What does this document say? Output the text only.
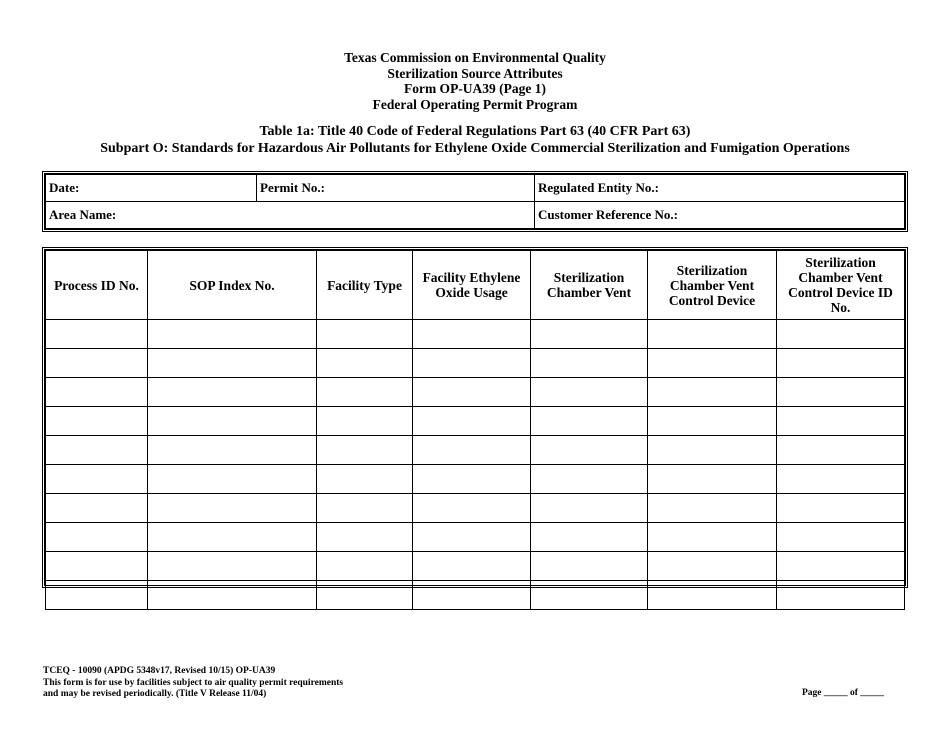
Texas Commission on Environmental Quality
Sterilization Source Attributes
Form OP-UA39 (Page 1)
Federal Operating Permit Program
Table 1a: Title 40 Code of Federal Regulations Part 63 (40 CFR Part 63)
Subpart O: Standards for Hazardous Air Pollutants for Ethylene Oxide Commercial Sterilization and Fumigation Operations
Date:	Permit No.:	Regulated Entity No.:
Area Name:		Customer Reference No.:
Process ID No.	SOP Index No.	Facility Type	Facility Ethylene Oxide Usage	Sterilization Chamber Vent	Sterilization Chamber Vent Control Device	Sterilization Chamber Vent Control Device ID No.

TCEQ - 10090 (APDG 5348v17, Revised 10/15) OP-UA39
This form is for use by facilities subject to air quality permit requirements
and may be revised periodically. (Title V Release 11/04)	Page _____ of _____
